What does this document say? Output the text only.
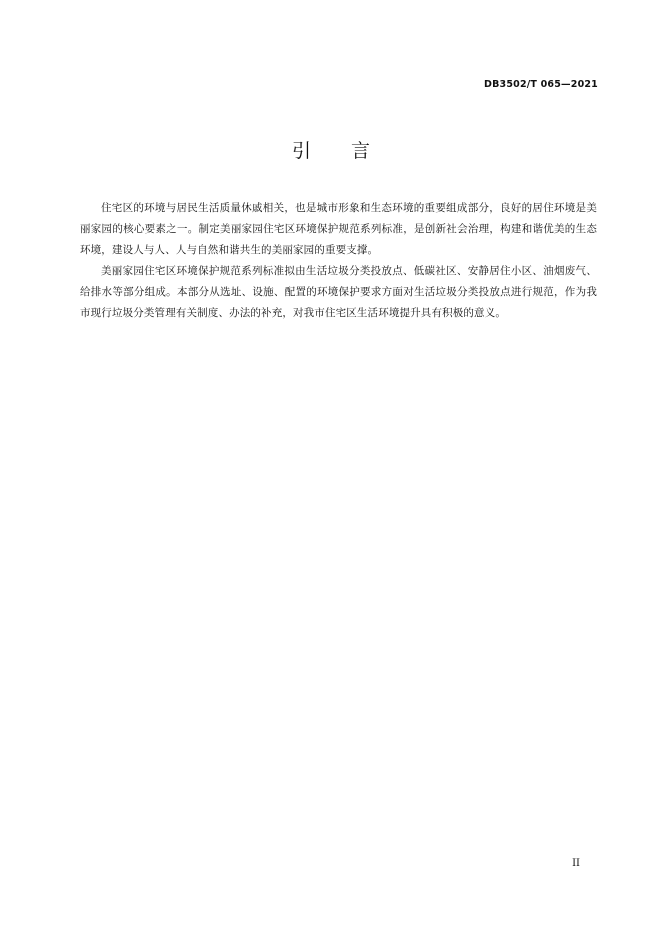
DB3502/T 065—2021
引 言

住宅区的环境与居民生活质量休戚相关，也是城市形象和生态环境的重要组成部分，良好的居住环境是美丽家园的核心要素之一。制定美丽家园住宅区环境保护规范系列标准，是创新社会治理，构建和谐优美的生态环境，建设人与人、人与自然和谐共生的美丽家园的重要支撑。

美丽家园住宅区环境保护规范系列标准拟由生活垃圾分类投放点、低碳社区、安静居住小区、油烟废气、给排水等部分组成。本部分从选址、设施、配置的环境保护要求方面对生活垃圾分类投放点进行规范，作为我市现行垃圾分类管理有关制度、办法的补充，对我市住宅区生活环境提升具有积极的意义。

II
